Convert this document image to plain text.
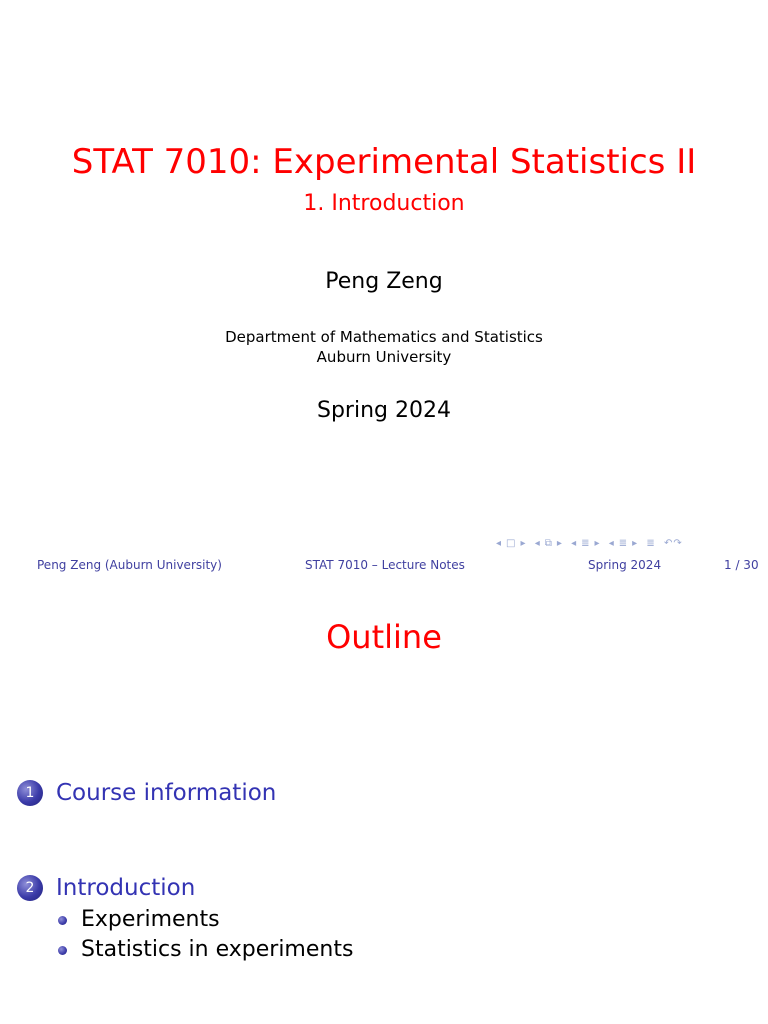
STAT 7010: Experimental Statistics II
1. Introduction
Peng Zeng
Department of Mathematics and Statistics
Auburn University
Spring 2024
◂ □ ▸ ◂ ⧉ ▸ ◂ ≣ ▸ ◂ ≣ ▸ ≣ ↶↷
Peng Zeng (Auburn University)	STAT 7010 – Lecture Notes	Spring 2024	1 / 30
Outline
1 Course information
2 Introduction
Experiments
Statistics in experiments
